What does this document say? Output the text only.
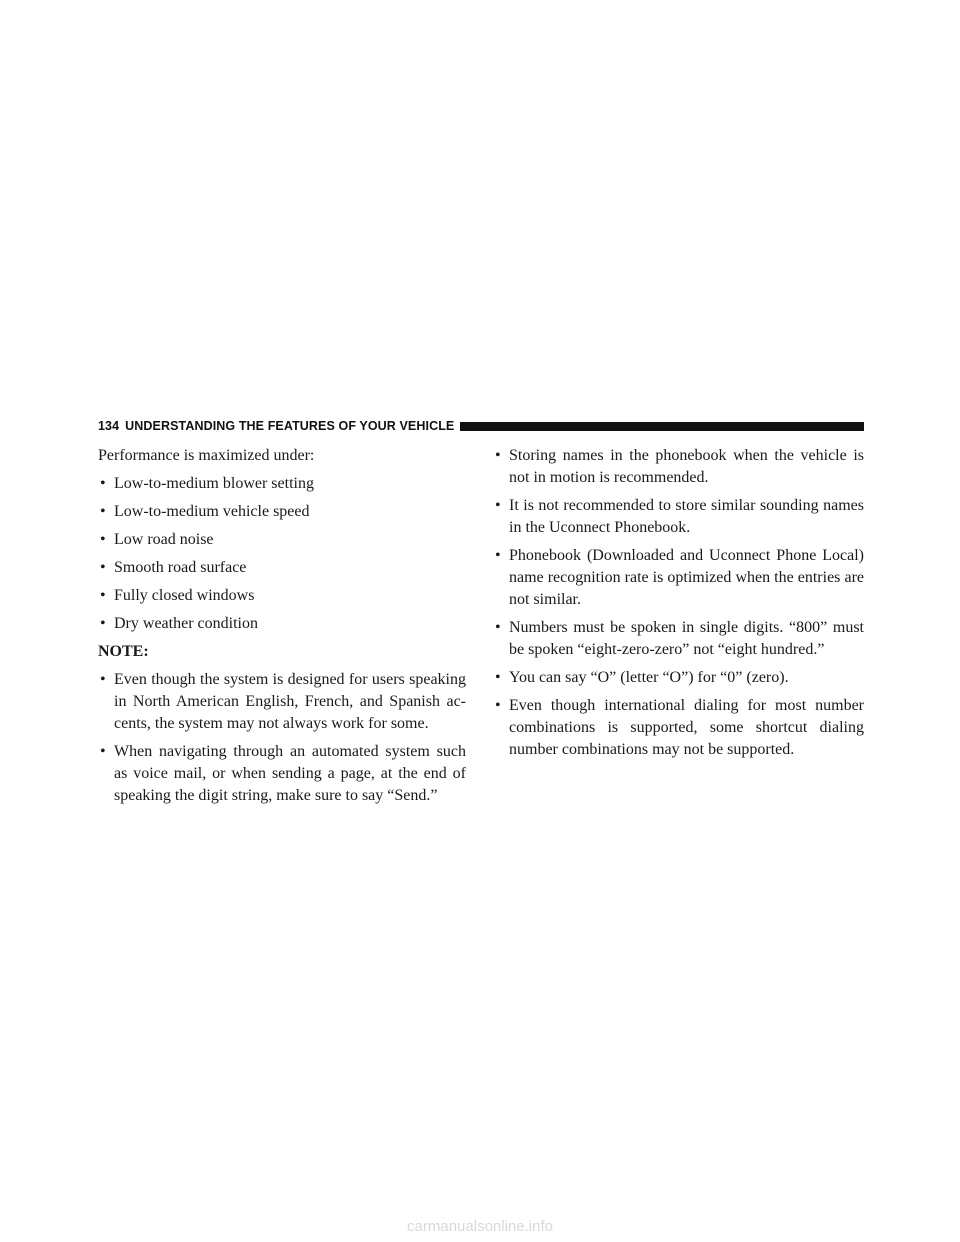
134 UNDERSTANDING THE FEATURES OF YOUR VEHICLE

Performance is maximized under:

• Low-to-medium blower setting
• Low-to-medium vehicle speed
• Low road noise
• Smooth road surface
• Fully closed windows
• Dry weather condition

NOTE:

• Even though the system is designed for users speaking in North American English, French, and Spanish accents, the system may not always work for some.
• When navigating through an automated system such as voice mail, or when sending a page, at the end of speaking the digit string, make sure to say “Send.”
• Storing names in the phonebook when the vehicle is not in motion is recommended.
• It is not recommended to store similar sounding names in the Uconnect Phonebook.
• Phonebook (Downloaded and Uconnect Phone Local) name recognition rate is optimized when the entries are not similar.
• Numbers must be spoken in single digits. “800” must be spoken “eight-zero-zero” not “eight hundred.”
• You can say “O” (letter “O”) for “0” (zero).
• Even though international dialing for most number combinations is supported, some shortcut dialing number combinations may not be supported.
carmanualsonline.info
